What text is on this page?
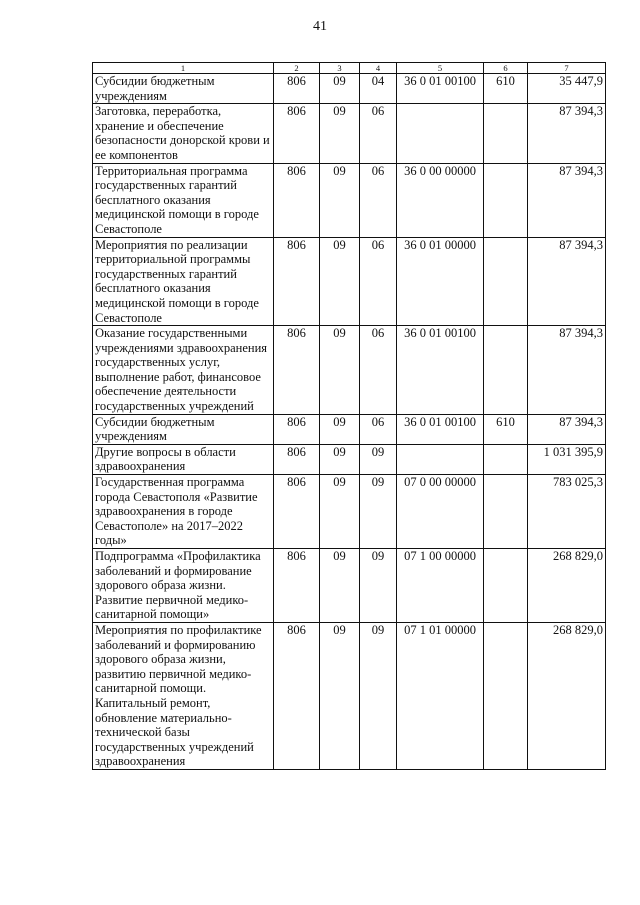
41
1	2	3	4	5	6	7
Субсидии бюджетным учреждениям	806	09	04	36 0 01 00100	610	35 447,9
Заготовка, переработка, хранение и обеспечение безопасности донорской крови и ее компонентов	806	09	06			87 394,3
Территориальная программа государственных гарантий бесплатного оказания медицинской помощи в городе Севастополе	806	09	06	36 0 00 00000		87 394,3
Мероприятия по реализации территориальной программы государственных гарантий бесплатного оказания медицинской помощи в городе Севастополе	806	09	06	36 0 01 00000		87 394,3
Оказание государственными учреждениями здравоохранения государственных услуг, выполнение работ, финансовое обеспечение деятельности государственных учреждений	806	09	06	36 0 01 00100		87 394,3
Субсидии бюджетным учреждениям	806	09	06	36 0 01 00100	610	87 394,3
Другие вопросы в области здравоохранения	806	09	09			1 031 395,9
Государственная программа города Севастополя «Развитие здравоохранения в городе Севастополе» на 2017–2022 годы»	806	09	09	07 0 00 00000		783 025,3
Подпрограмма «Профилактика заболеваний и формирование здорового образа жизни. Развитие первичной медико-санитарной помощи»	806	09	09	07 1 00 00000		268 829,0
Мероприятия по профилактике заболеваний и формированию здорового образа жизни, развитию первичной медико-санитарной помощи. Капитальный ремонт, обновление материально-технической базы государственных учреждений здравоохранения	806	09	09	07 1 01 00000		268 829,0
